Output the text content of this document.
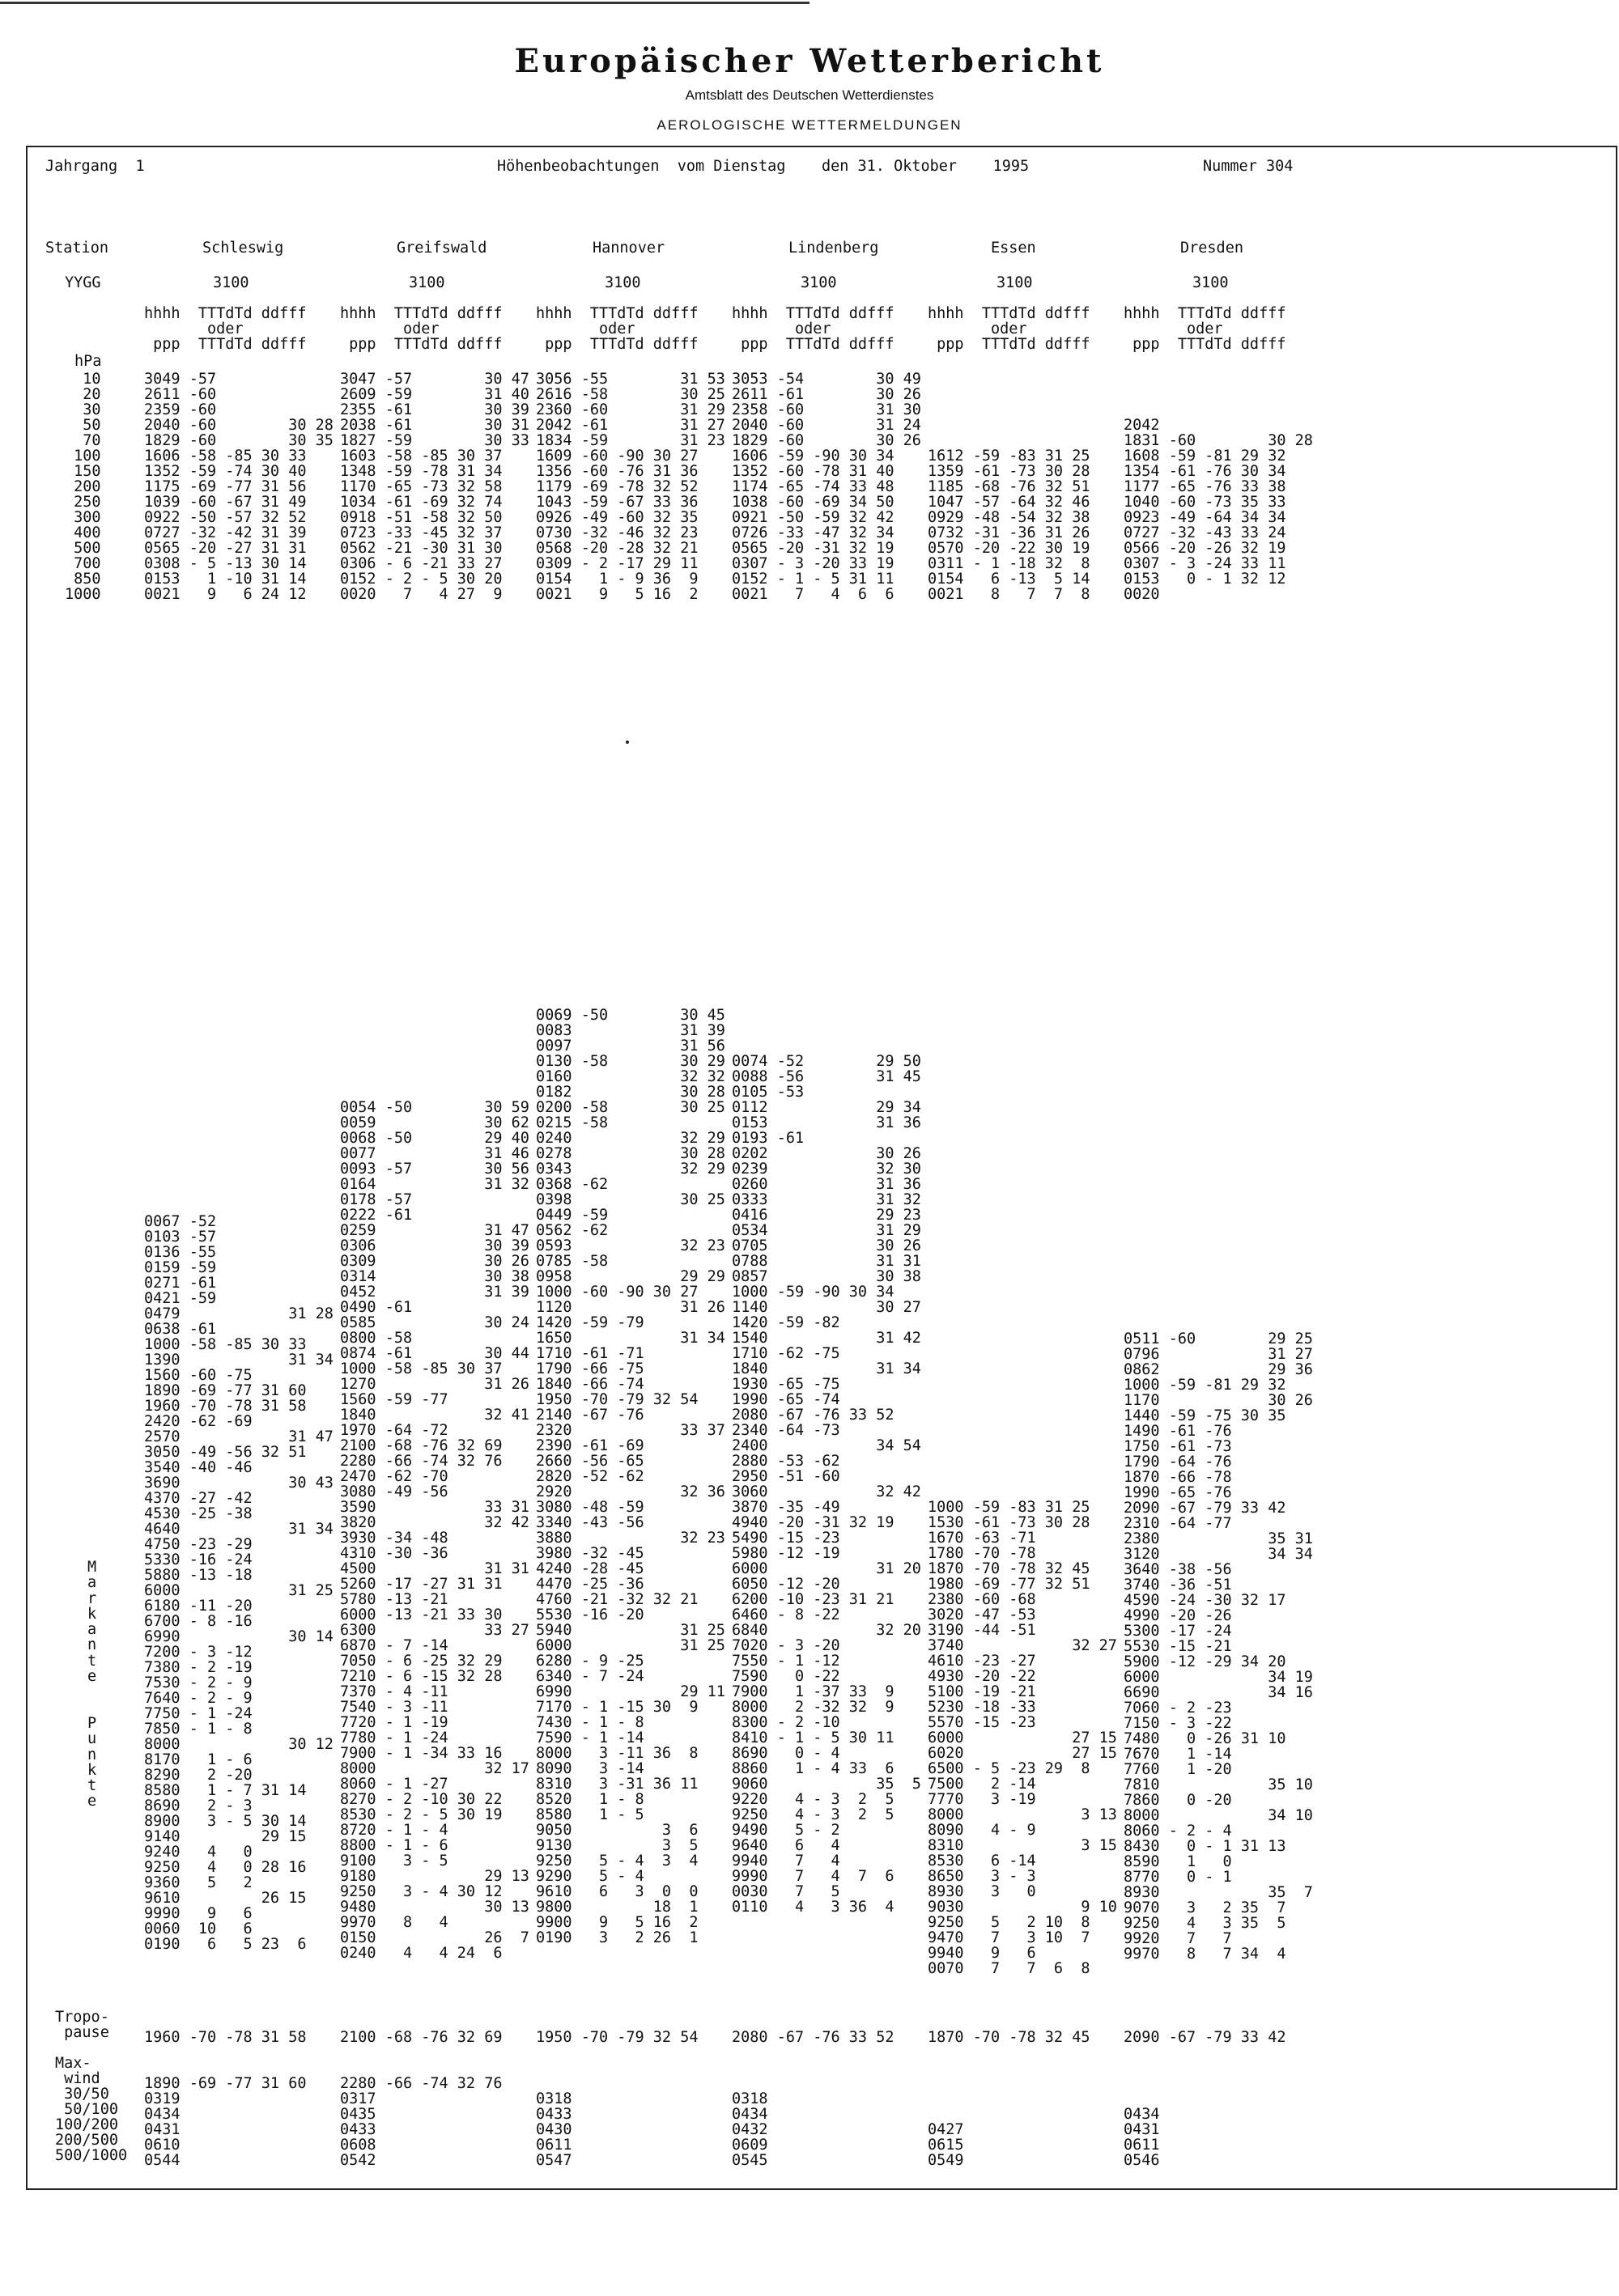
Europäischer Wetterbericht
Amtsblatt des Deutschen Wetterdienstes
AEROLOGISCHE WETTERMELDUNGEN
Jahrgang  1	Höhenbeobachtungen  vom Dienstag    den 31. Oktober    1995	Nummer 304
Station
YYGG
hPa
10
20
30
50
70
100
150
200
250
300
400
500
700
850
1000
M
a
r
k
a
n
t
e

P
u
n
k
t
e
Tropo-
pause
Max-
wind
30/50
50/100
100/200
200/500
500/1000
Schleswig
3100
hhhh  TTTdTd ddfff
oder
ppp  TTTdTd ddfff
3049 -57
2611 -60
2359 -60
2040 -60        30 28
1829 -60        30 35
1606 -58 -85 30 33
1352 -59 -74 30 40
1175 -69 -77 31 56
1039 -60 -67 31 49
0922 -50 -57 32 52
0727 -32 -42 31 39
0565 -20 -27 31 31
0308 - 5 -13 30 14
0153   1 -10 31 14
0021   9   6 24 12
0067 -52
0103 -57
0136 -55
0159 -59
0271 -61
0421 -59
0479            31 28
0638 -61
1000 -58 -85 30 33
1390            31 34
1560 -60 -75
1890 -69 -77 31 60
1960 -70 -78 31 58
2420 -62 -69
2570            31 47
3050 -49 -56 32 51
3540 -40 -46
3690            30 43
4370 -27 -42
4530 -25 -38
4640            31 34
4750 -23 -29
5330 -16 -24
5880 -13 -18
6000            31 25
6180 -11 -20
6700 - 8 -16
6990            30 14
7200 - 3 -12
7380 - 2 -19
7530 - 2 - 9
7640 - 2 - 9
7750 - 1 -24
7850 - 1 - 8
8000            30 12
8170   1 - 6
8290   2 -20
8580   1 - 7 31 14
8690   2 - 3
8900   3 - 5 30 14
9140         29 15
9240   4   0
9250   4   0 28 16
9360   5   2
9610         26 15
9990   9   6
0060  10   6
0190   6   5 23  6
1960 -70 -78 31 58
1890 -69 -77 31 60
0319
0434
0431
0610
0544
Greifswald
3100
hhhh  TTTdTd ddfff
oder
ppp  TTTdTd ddfff
3047 -57        30 47
2609 -59        31 40
2355 -61        30 39
2038 -61        30 31
1827 -59        30 33
1603 -58 -85 30 37
1348 -59 -78 31 34
1170 -65 -73 32 58
1034 -61 -69 32 74
0918 -51 -58 32 50
0723 -33 -45 32 37
0562 -21 -30 31 30
0306 - 6 -21 33 27
0152 - 2 - 5 30 20
0020   7   4 27  9
0054 -50        30 59
0059            30 62
0068 -50        29 40
0077            31 46
0093 -57        30 56
0164            31 32
0178 -57
0222 -61
0259            31 47
0306            30 39
0309            30 26
0314            30 38
0452            31 39
0490 -61
0585            30 24
0800 -58
0874 -61        30 44
1000 -58 -85 30 37
1270            31 26
1560 -59 -77
1840            32 41
1970 -64 -72
2100 -68 -76 32 69
2280 -66 -74 32 76
2470 -62 -70
3080 -49 -56
3590            33 31
3820            32 42
3930 -34 -48
4310 -30 -36
4500            31 31
5260 -17 -27 31 31
5780 -13 -21
6000 -13 -21 33 30
6300            33 27
6870 - 7 -14
7050 - 6 -25 32 29
7210 - 6 -15 32 28
7370 - 4 -11
7540 - 3 -11
7720 - 1 -19
7780 - 1 -24
7900 - 1 -34 33 16
8000            32 17
8060 - 1 -27
8270 - 2 -10 30 22
8530 - 2 - 5 30 19
8720 - 1 - 4
8800 - 1 - 6
9100   3 - 5
9180            29 13
9250   3 - 4 30 12
9480            30 13
9970   8   4
0150            26  7
0240   4   4 24  6
2100 -68 -76 32 69
2280 -66 -74 32 76
0317
0435
0433
0608
0542
Hannover
3100
hhhh  TTTdTd ddfff
oder
ppp  TTTdTd ddfff
3056 -55        31 53
2616 -58        30 25
2360 -60        31 29
2042 -61        31 27
1834 -59        31 23
1609 -60 -90 30 27
1356 -60 -76 31 36
1179 -69 -78 32 52
1043 -59 -67 33 36
0926 -49 -60 32 35
0730 -32 -46 32 23
0568 -20 -28 32 21
0309 - 2 -17 29 11
0154   1 - 9 36  9
0021   9   5 16  2
0069 -50        30 45
0083            31 39
0097            31 56
0130 -58        30 29
0160            32 32
0182            30 28
0200 -58        30 25
0215 -58
0240            32 29
0278            30 28
0343            32 29
0368 -62
0398            30 25
0449 -59
0562 -62
0593            32 23
0785 -58
0958            29 29
1000 -60 -90 30 27
1120            31 26
1420 -59 -79
1650            31 34
1710 -61 -71
1790 -66 -75
1840 -66 -74
1950 -70 -79 32 54
2140 -67 -76
2320            33 37
2390 -61 -69
2660 -56 -65
2820 -52 -62
2920            32 36
3080 -48 -59
3340 -43 -56
3880            32 23
3980 -32 -45
4240 -28 -45
4470 -25 -36
4760 -21 -32 32 21
5530 -16 -20
5940            31 25
6000            31 25
6280 - 9 -25
6340 - 7 -24
6990            29 11
7170 - 1 -15 30  9
7430 - 1 - 8
7590 - 1 -14
8000   3 -11 36  8
8090   3 -14
8310   3 -31 36 11
8520   1 - 8
8580   1 - 5
9050          3  6
9130          3  5
9250   5 - 4  3  4
9290   5 - 4
9610   6   3  0  0
9800         18  1
9900   9   5 16  2
0190   3   2 26  1
1950 -70 -79 32 54

0318
0433
0430
0611
0547
Lindenberg
3100
hhhh  TTTdTd ddfff
oder
ppp  TTTdTd ddfff
3053 -54        30 49
2611 -61        30 26
2358 -60        31 30
2040 -60        31 24
1829 -60        30 26
1606 -59 -90 30 34
1352 -60 -78 31 40
1174 -65 -74 33 48
1038 -60 -69 34 50
0921 -50 -59 32 42
0726 -33 -47 32 34
0565 -20 -31 32 19
0307 - 3 -20 33 19
0152 - 1 - 5 31 11
0021   7   4  6  6
0074 -52        29 50
0088 -56        31 45
0105 -53
0112            29 34
0153            31 36
0193 -61
0202            30 26
0239            32 30
0260            31 36
0333            31 32
0416            29 23
0534            31 29
0705            30 26
0788            31 31
0857            30 38
1000 -59 -90 30 34
1140            30 27
1420 -59 -82
1540            31 42
1710 -62 -75
1840            31 34
1930 -65 -75
1990 -65 -74
2080 -67 -76 33 52
2340 -64 -73
2400            34 54
2880 -53 -62
2950 -51 -60
3060            32 42
3870 -35 -49
4940 -20 -31 32 19
5490 -15 -23
5980 -12 -19
6000            31 20
6050 -12 -20
6200 -10 -23 31 21
6460 - 8 -22
6840            32 20
7020 - 3 -20
7550 - 1 -12
7590   0 -22
7900   1 -37 33  9
8000   2 -32 32  9
8300 - 2 -10
8410 - 1 - 5 30 11
8690   0 - 4
8860   1 - 4 33  6
9060            35  5
9220   4 - 3  2  5
9250   4 - 3  2  5
9490   5 - 2
9640   6   4
9940   7   4
9990   7   4  7  6
0030   7   5
0110   4   3 36  4
2080 -67 -76 33 52

0318
0434
0432
0609
0545
Essen
3100
hhhh  TTTdTd ddfff
oder
ppp  TTTdTd ddfff

1612 -59 -83 31 25
1359 -61 -73 30 28
1185 -68 -76 32 51
1047 -57 -64 32 46
0929 -48 -54 32 38
0732 -31 -36 31 26
0570 -20 -22 30 19
0311 - 1 -18 32  8
0154   6 -13  5 14
0021   8   7  7  8
1000 -59 -83 31 25
1530 -61 -73 30 28
1670 -63 -71
1780 -70 -78
1870 -70 -78 32 45
1980 -69 -77 32 51
2380 -60 -68
3020 -47 -53
3190 -44 -51
3740            32 27
4610 -23 -27
4930 -20 -22
5100 -19 -21
5230 -18 -33
5570 -15 -23
6000            27 15
6020            27 15
6500 - 5 -23 29  8
7500   2 -14
7770   3 -19
8000             3 13
8090   4 - 9
8310             3 15
8530   6 -14
8650   3 - 3
8930   3   0
9030             9 10
9250   5   2 10  8
9470   7   3 10  7
9940   9   6
0070   7   7  6  8
1870 -70 -78 32 45

0427
0615
0549
Dresden
3100
hhhh  TTTdTd ddfff
oder
ppp  TTTdTd ddfff

2042
1831 -60        30 28
1608 -59 -81 29 32
1354 -61 -76 30 34
1177 -65 -76 33 38
1040 -60 -73 35 33
0923 -49 -64 34 34
0727 -32 -43 33 24
0566 -20 -26 32 19
0307 - 3 -24 33 11
0153   0 - 1 32 12
0020
0511 -60        29 25
0796            31 27
0862            29 36
1000 -59 -81 29 32
1170            30 26
1440 -59 -75 30 35
1490 -61 -76
1750 -61 -73
1790 -64 -76
1870 -66 -78
1990 -65 -76
2090 -67 -79 33 42
2310 -64 -77
2380            35 31
3120            34 34
3640 -38 -56
3740 -36 -51
4590 -24 -30 32 17
4990 -20 -26
5300 -17 -24
5530 -15 -21
5900 -12 -29 34 20
6000            34 19
6690            34 16
7060 - 2 -23
7150 - 3 -22
7480   0 -26 31 10
7670   1 -14
7760   1 -20
7810            35 10
7860   0 -20
8000            34 10
8060 - 2 - 4
8430   0 - 1 31 13
8590   1   0
8770   0 - 1
8930            35  7
9070   3   2 35  7
9250   4   3 35  5
9920   7   7
9970   8   7 34  4
2090 -67 -79 33 42

0434
0431
0611
0546
